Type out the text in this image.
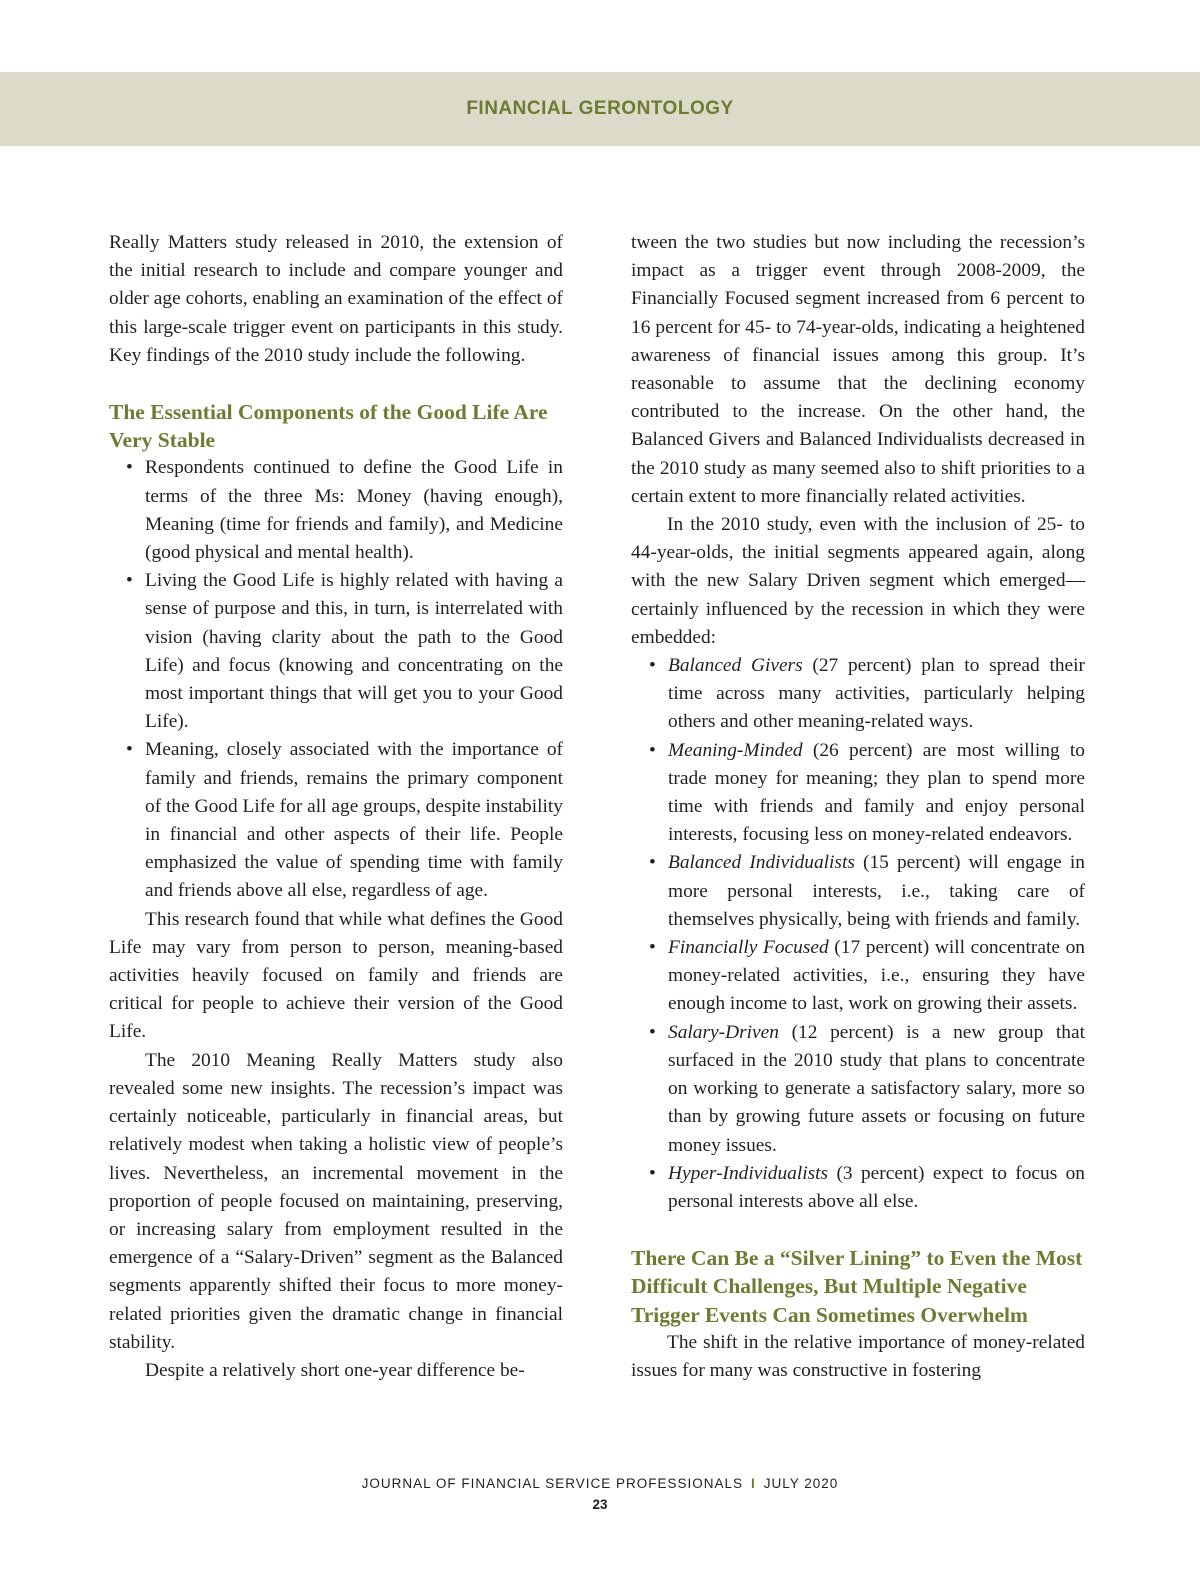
FINANCIAL GERONTOLOGY

Really Matters study released in 2010, the extension of the initial research to include and compare younger and older age cohorts, enabling an examination of the effect of this large-scale trigger event on participants in this study. Key findings of the 2010 study include the following.

The Essential Components of the Good Life Are Very Stable
• Respondents continued to define the Good Life in terms of the three Ms: Money (having enough), Meaning (time for friends and family), and Medicine (good physical and mental health).
• Living the Good Life is highly related with having a sense of purpose and this, in turn, is interrelated with vision (having clarity about the path to the Good Life) and focus (knowing and concentrating on the most important things that will get you to your Good Life).
• Meaning, closely associated with the importance of family and friends, remains the primary component of the Good Life for all age groups, despite instability in financial and other aspects of their life. People emphasized the value of spending time with family and friends above all else, regardless of age.

This research found that while what defines the Good Life may vary from person to person, meaning-based activities heavily focused on family and friends are critical for people to achieve their version of the Good Life.

The 2010 Meaning Really Matters study also revealed some new insights. The recession’s impact was certainly noticeable, particularly in financial areas, but relatively modest when taking a holistic view of people’s lives. Nevertheless, an incremental movement in the proportion of people focused on maintaining, preserving, or increasing salary from employment resulted in the emergence of a “Salary-Driven” segment as the Balanced segments apparently shifted their focus to more money-related priorities given the dramatic change in financial stability.

Despite a relatively short one-year difference be-

tween the two studies but now including the recession’s impact as a trigger event through 2008-2009, the Financially Focused segment increased from 6 percent to 16 percent for 45- to 74-year-olds, indicating a heightened awareness of financial issues among this group. It’s reasonable to assume that the declining economy contributed to the increase. On the other hand, the Balanced Givers and Balanced Individualists decreased in the 2010 study as many seemed also to shift priorities to a certain extent to more financially related activities.

In the 2010 study, even with the inclusion of 25- to 44-year-olds, the initial segments appeared again, along with the new Salary Driven segment which emerged—certainly influenced by the recession in which they were embedded:

• Balanced Givers (27 percent) plan to spread their time across many activities, particularly helping others and other meaning-related ways.
• Meaning-Minded (26 percent) are most willing to trade money for meaning; they plan to spend more time with friends and family and enjoy personal interests, focusing less on money-related endeavors.
• Balanced Individualists (15 percent) will engage in more personal interests, i.e., taking care of themselves physically, being with friends and family.
• Financially Focused (17 percent) will concentrate on money-related activities, i.e., ensuring they have enough income to last, work on growing their assets.
• Salary-Driven (12 percent) is a new group that surfaced in the 2010 study that plans to concentrate on working to generate a satisfactory salary, more so than by growing future assets or focusing on future money issues.
• Hyper-Individualists (3 percent) expect to focus on personal interests above all else.
There Can Be a “Silver Lining” to Even the Most Difficult Challenges, But Multiple Negative Trigger Events Can Sometimes Overwhelm

The shift in the relative importance of money-related issues for many was constructive in fostering

JOURNAL OF FINANCIAL SERVICE PROFESSIONALS I JULY 2020
23
